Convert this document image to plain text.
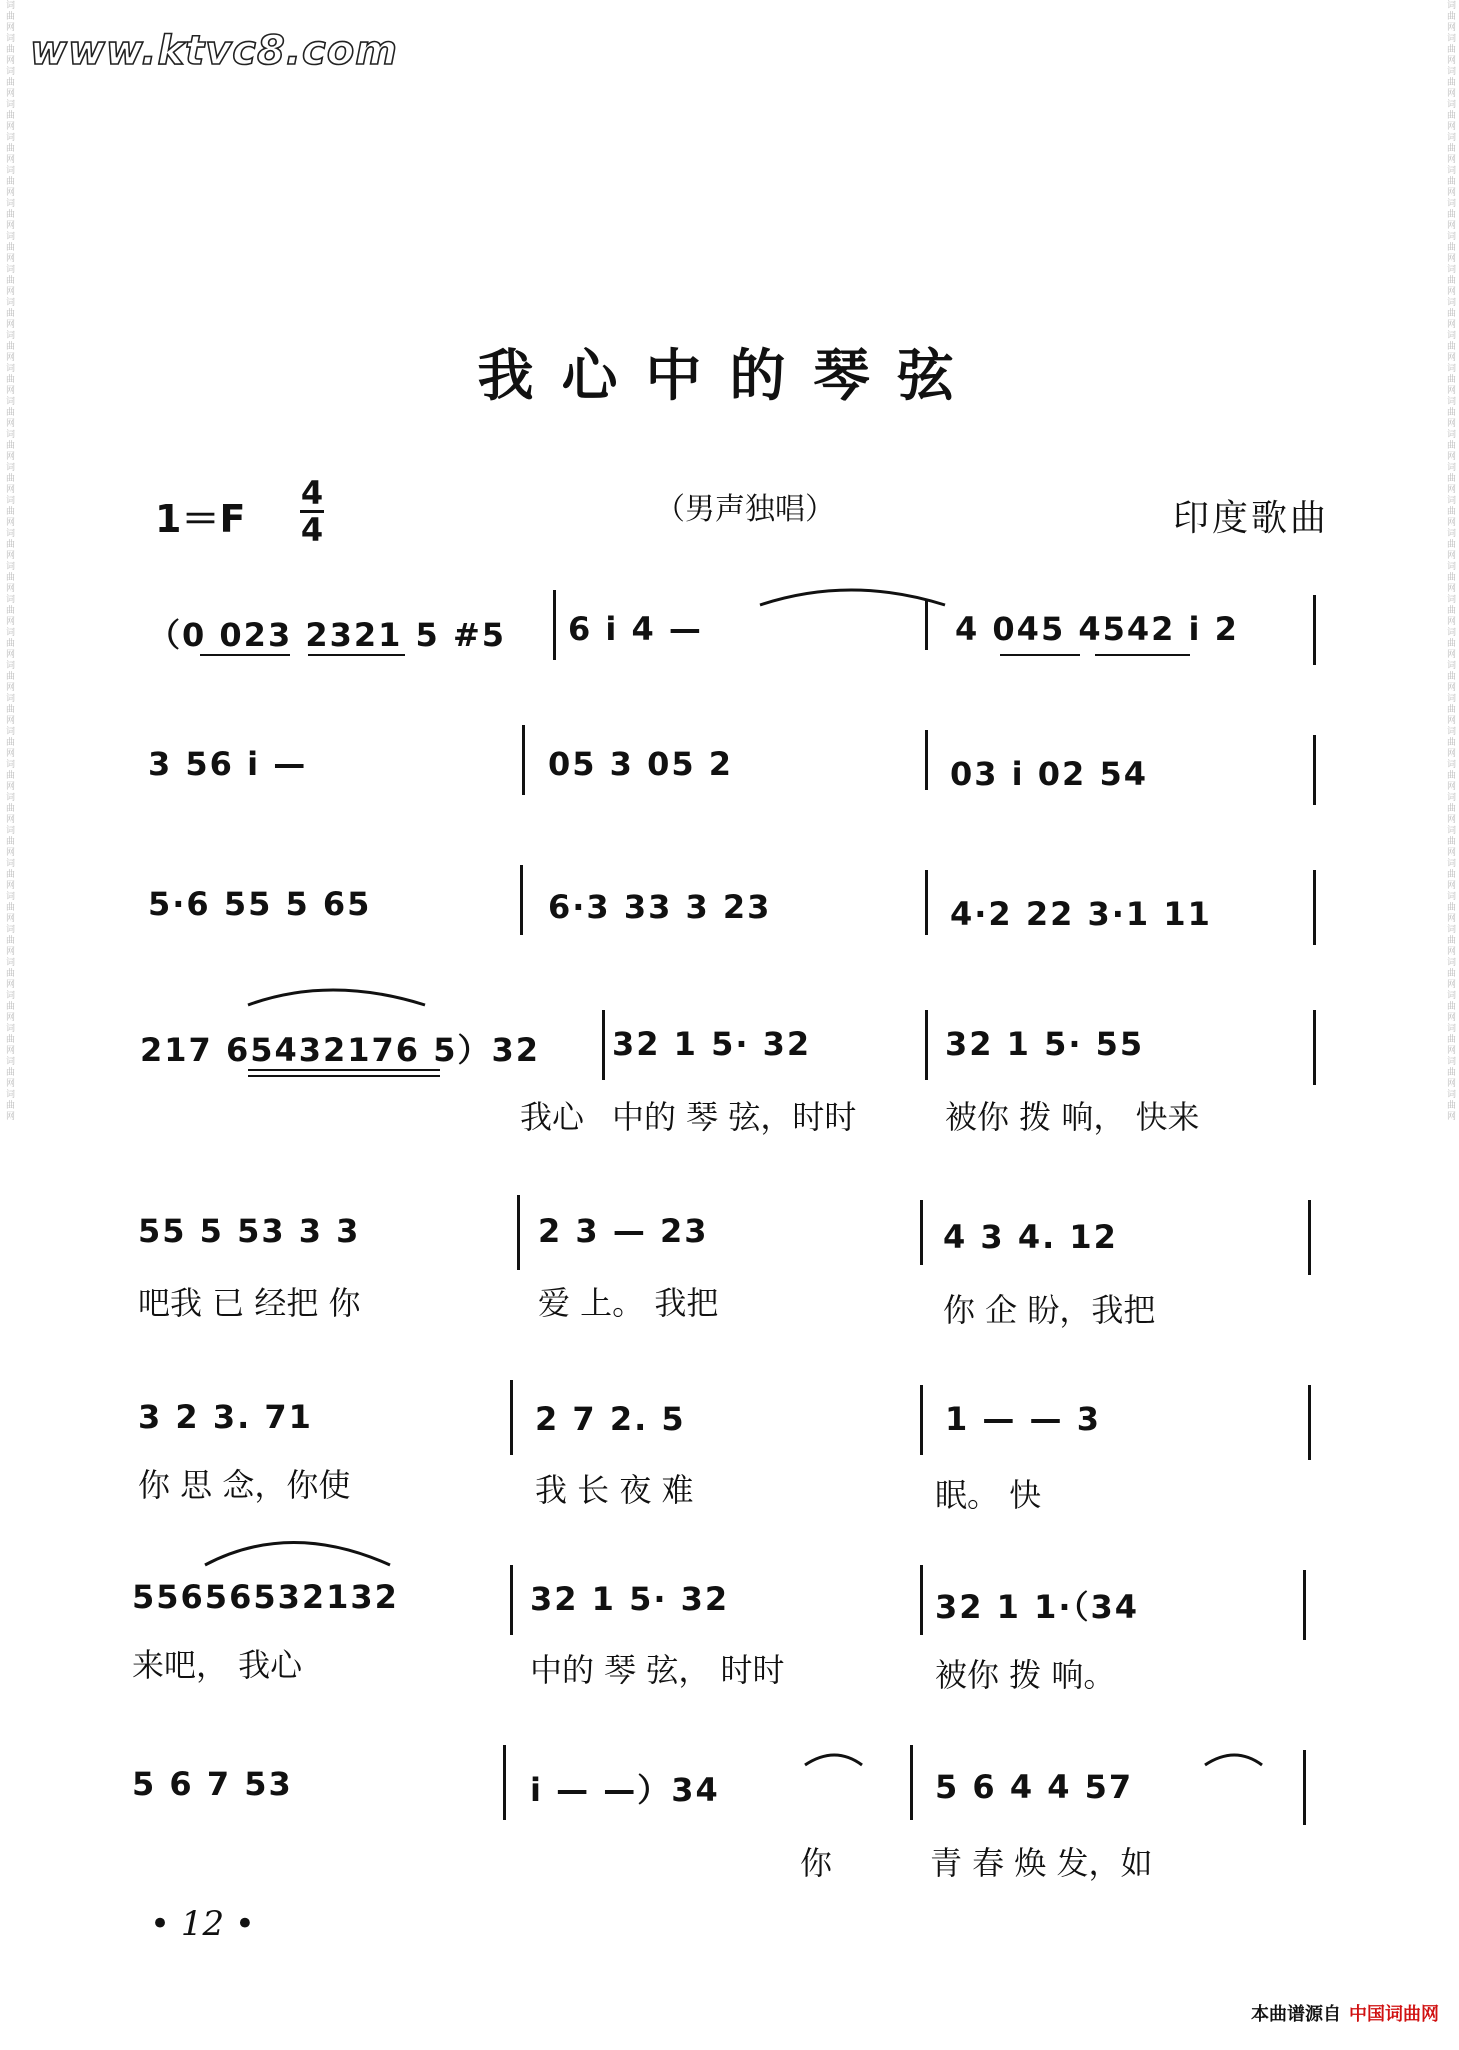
www.ktvc8.com
词曲网词曲网词曲网词曲网词曲网词曲网词曲网词曲网词曲网词曲网词曲网词曲网词曲网词曲网词曲网词曲网词曲网词曲网词曲网词曲网词曲网词曲网词曲网词曲网词曲网词曲网词曲网词曲网词曲网词曲网词曲网词曲网词曲网词曲网	词曲网词曲网词曲网词曲网词曲网词曲网词曲网词曲网词曲网词曲网词曲网词曲网词曲网词曲网词曲网词曲网词曲网词曲网词曲网词曲网词曲网词曲网词曲网词曲网词曲网词曲网词曲网词曲网词曲网词曲网词曲网词曲网词曲网词曲网
我心中的琴弦
1＝F
4
4
（男声独唱）	印度歌曲
（0 023 2321 5 #5 6 i 4 —	4 045 4542 i 2
3 56 i —	05 3 05 2	03 i 02 54
5·6 55 5 65	6·3 33 3 23	4·2 22 3·1 11
217 65432176 5）32
我心
32 1 5· 32
中的 琴 弦，时时
32 1 5· 55
被你 拨 响， 快来
55 5 53 3 3
吧我 已 经把 你
2 3 — 23
爱 上。 我把
4 3 4. 12
你 企 盼，我把
3 2 3. 71
你 思 念，你使
2 7 2. 5
我 长 夜 难
1 — — 3
眠。 快
55656532132
来吧， 我心
32 1 5· 32
中的 琴 弦， 时时
32 1 1·（34
被你 拨 响。
5 6 7 53	i — —）34
你
5 6 4 4 57
青 春 焕 发，如
• 12 •
本曲谱源自 中国词曲网
